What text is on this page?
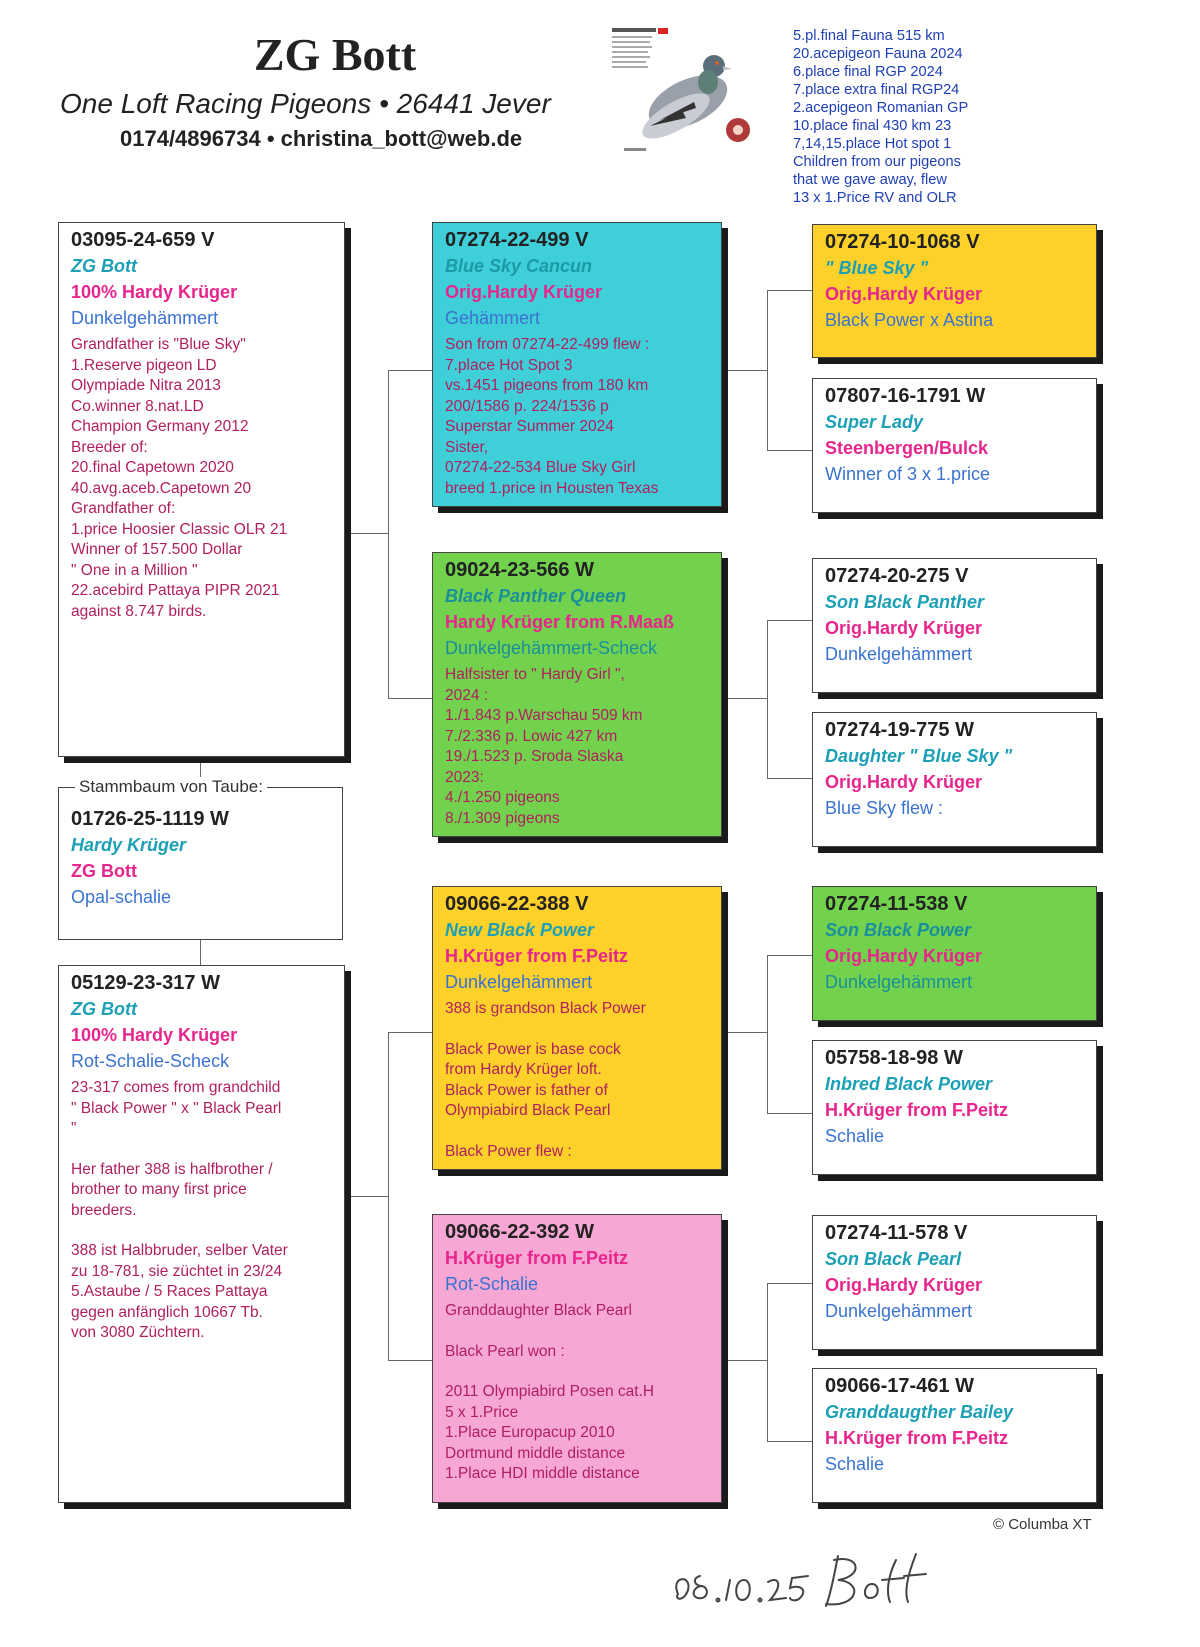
ZG Bott
One Loft Racing Pigeons • 26441 Jever
0174/4896734 • christina_bott@web.de
5.pl.final Fauna 515 km
20.acepigeon Fauna 2024
6.place final RGP 2024
7.place extra final RGP24
2.acepigeon Romanian GP
10.place final 430 km 23
7,14,15.place Hot spot 1
Children from our pigeons
that we gave away, flew
13 x 1.Price RV and OLR
03095-24-659 V
ZG Bott
100% Hardy Krüger
Dunkelgehämmert
Grandfather is "Blue Sky"
1.Reserve pigeon LD
Olympiade Nitra 2013
Co.winner 8.nat.LD
Champion Germany 2012
Breeder of:
20.final Capetown 2020
40.avg.aceb.Capetown 20
Grandfather of:
1.price Hoosier Classic OLR 21
Winner of 157.500 Dollar
" One in a Million "
22.acebird Pattaya PIPR 2021
against 8.747 birds.
01726-25-1119 W
Hardy Krüger
ZG Bott
Opal-schalie
Stammbaum von Taube:
05129-23-317 W
ZG Bott
100% Hardy Krüger
Rot-Schalie-Scheck
23-317 comes from grandchild
" Black Power " x " Black Pearl
"
Her father 388 is halfbrother /
brother to many first price
breeders.
388 ist Halbbruder, selber Vater
zu 18-781, sie züchtet in 23/24
5.Astaube / 5 Races Pattaya
gegen anfänglich 10667 Tb.
von 3080 Züchtern.
07274-22-499 V
Blue Sky Cancun
Orig.Hardy Krüger
Gehämmert
Son from 07274-22-499 flew :
7.place Hot Spot 3
vs.1451 pigeons from 180 km
200/1586 p. 224/1536 p
Superstar Summer 2024
Sister,
07274-22-534 Blue Sky Girl
breed 1.price in Housten Texas
09024-23-566 W
Black Panther Queen
Hardy Krüger from R.Maaß
Dunkelgehämmert-Scheck
Halfsister to " Hardy Girl ",
2024 :
1./1.843 p.Warschau 509 km
7./2.336 p. Lowic 427 km
19./1.523 p. Sroda Slaska
2023:
4./1.250 pigeons
8./1.309 pigeons
09066-22-388 V
New Black Power
H.Krüger from F.Peitz
Dunkelgehämmert
388 is grandson Black Power
Black Power is base cock
from Hardy Krüger loft.
Black Power is father of
Olympiabird Black Pearl
Black Power flew :
09066-22-392 W
H.Krüger from F.Peitz
Rot-Schalie
Granddaughter Black Pearl
Black Pearl won :
2011 Olympiabird Posen cat.H
5 x 1.Price
1.Place Europacup 2010
Dortmund middle distance
1.Place HDI middle distance
07274-10-1068 V
" Blue Sky "
Orig.Hardy Krüger
Black Power x Astina
07807-16-1791 W
Super Lady
Steenbergen/Bulck
Winner of 3 x 1.price
07274-20-275 V
Son Black Panther
Orig.Hardy Krüger
Dunkelgehämmert
07274-19-775 W
Daughter " Blue Sky "
Orig.Hardy Krüger
Blue Sky flew :
07274-11-538 V
Son Black Power
Orig.Hardy Krüger
Dunkelgehämmert
05758-18-98 W
Inbred Black Power
H.Krüger from F.Peitz
Schalie
07274-11-578 V
Son Black Pearl
Orig.Hardy Krüger
Dunkelgehämmert
09066-17-461 W
Granddaugther Bailey
H.Krüger from F.Peitz
Schalie
© Columba XT
